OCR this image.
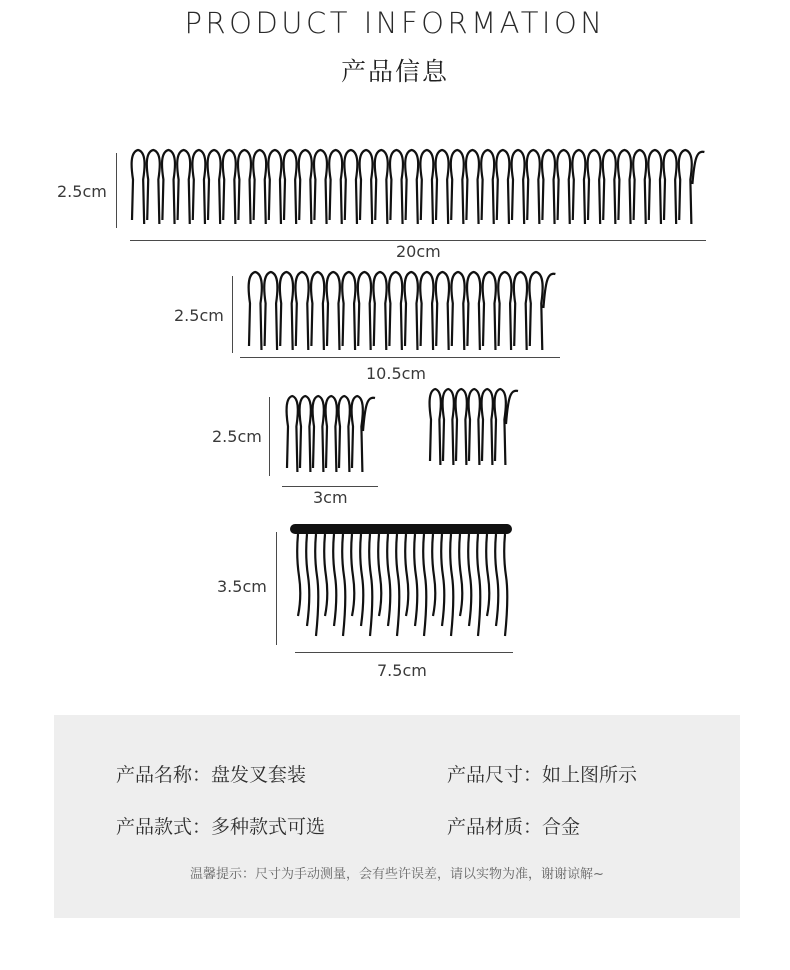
PRODUCT INFORMATION
产品信息
2.5cm
20cm
2.5cm
10.5cm
2.5cm
3cm
3.5cm
7.5cm
产品名称：盘发叉套装	产品尺寸：如上图所示
产品款式：多种款式可选	产品材质：合金
温馨提示：尺寸为手动测量，会有些许误差，请以实物为准，谢谢谅解~
